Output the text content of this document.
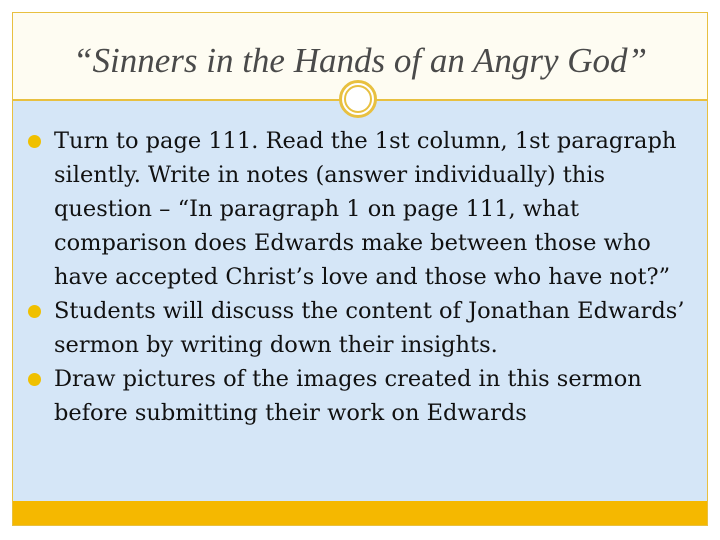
“Sinners in the Hands of an Angry God”
Turn to page 111. Read the 1st column, 1st paragraph silently. Write in notes (answer individually) this question – “In paragraph 1 on page 111, what comparison does Edwards make between those who have accepted Christ’s love and those who have not?”
Students will discuss the content of Jonathan Edwards’ sermon by writing down their insights.
Draw pictures of the images created in this sermon before submitting their work on Edwards
